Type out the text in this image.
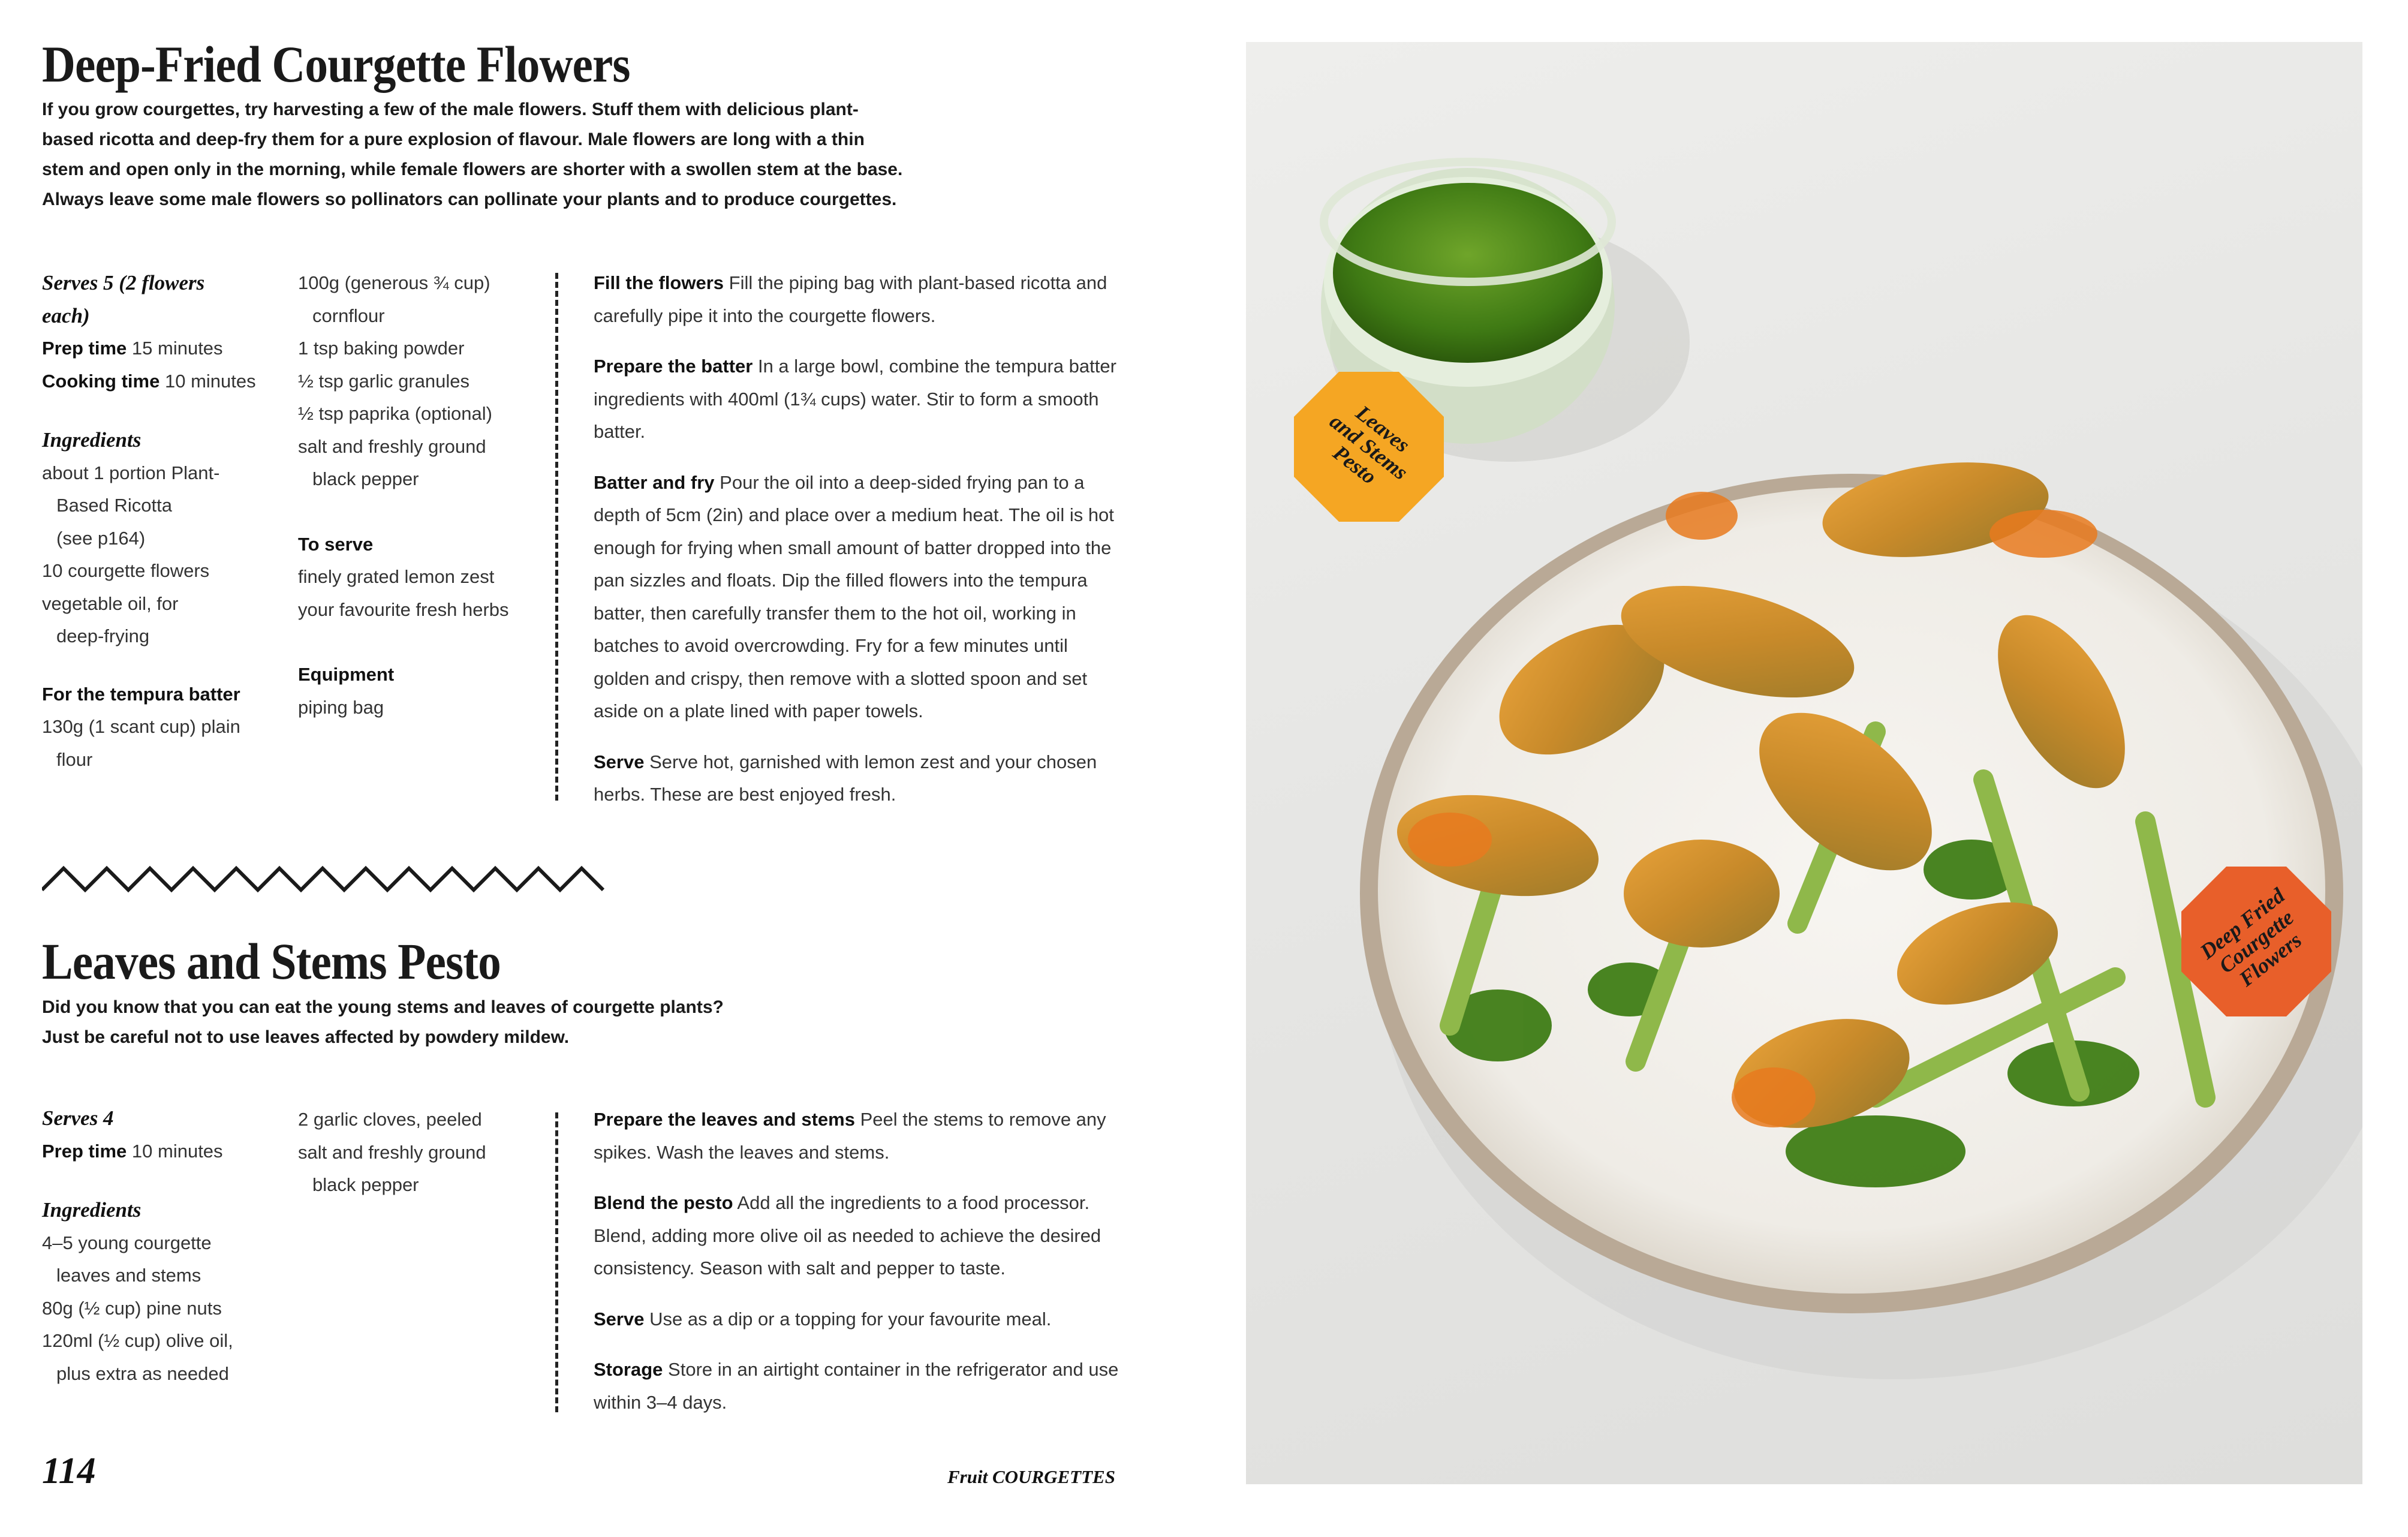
Deep-Fried Courgette Flowers
If you grow courgettes, try harvesting a few of the male flowers. Stuff them with delicious plant-
based ricotta and deep-fry them for a pure explosion of flavour. Male flowers are long with a thin
stem and open only in the morning, while female flowers are shorter with a swollen stem at the base.
Always leave some male flowers so pollinators can pollinate your plants and to produce courgettes.
Serves 5 (2 flowers
each)
Prep time 15 minutes
Cooking time 10 minutes
Ingredients
about 1 portion Plant-
Based Ricotta
(see p164)
10 courgette flowers
vegetable oil, for
deep-frying
For the tempura batter
130g (1 scant cup) plain
flour
100g (generous ¾ cup)
cornflour
1 tsp baking powder
½ tsp garlic granules
½ tsp paprika (optional)
salt and freshly ground
black pepper
To serve
finely grated lemon zest
your favourite fresh herbs
Equipment
piping bag

Fill the flowers Fill the piping bag with plant-based ricotta and carefully pipe it into the courgette flowers.

Prepare the batter In a large bowl, combine the tempura batter ingredients with 400ml (1¾ cups) water. Stir to form a smooth batter.

Batter and fry Pour the oil into a deep-sided frying pan to a depth of 5cm (2in) and place over a medium heat. The oil is hot enough for frying when small amount of batter dropped into the pan sizzles and floats. Dip the filled flowers into the tempura batter, then carefully transfer them to the hot oil, working in batches to avoid overcrowding. Fry for a few minutes until golden and crispy, then remove with a slotted spoon and set aside on a plate lined with paper towels.

Serve Serve hot, garnished with lemon zest and your chosen herbs. These are best enjoyed fresh.

Leaves and Stems Pesto
Did you know that you can eat the young stems and leaves of courgette plants?
Just be careful not to use leaves affected by powdery mildew.
Serves 4
Prep time 10 minutes
Ingredients
4–5 young courgette
leaves and stems
80g (½ cup) pine nuts
120ml (½ cup) olive oil,
plus extra as needed
2 garlic cloves, peeled
salt and freshly ground
black pepper

Prepare the leaves and stems Peel the stems to remove any spikes. Wash the leaves and stems.

Blend the pesto Add all the ingredients to a food processor. Blend, adding more olive oil as needed to achieve the desired consistency. Season with salt and pepper to taste.

Serve Use as a dip or a topping for your favourite meal.

Storage Store in an airtight container in the refrigerator and use within 3–4 days.

114	Fruit COURGETTES
Leaves
and Stems
Pesto
Deep Fried
Courgette
Flowers
